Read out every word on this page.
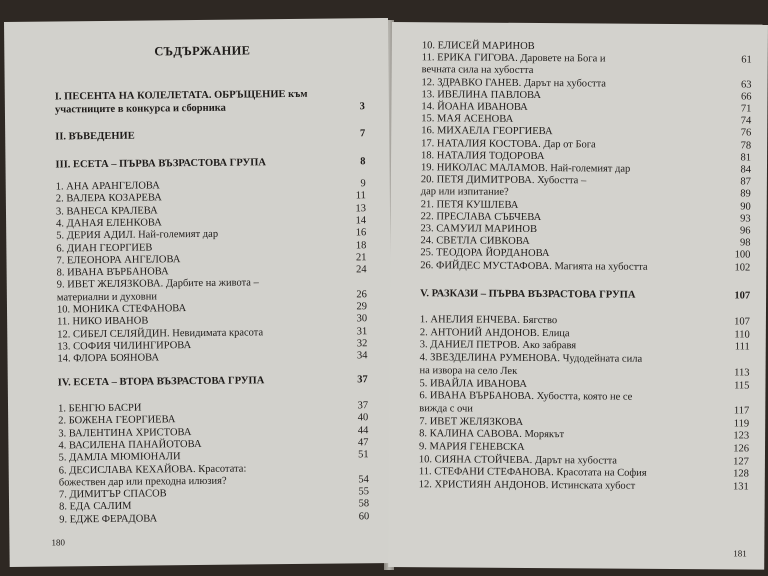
СЪДЪРЖАНИЕ
I. ПЕСЕНТА НА КОЛЕЛЕТАТА. ОБРЪЩЕНИЕ към
участниците в конкурса и сборника	3
II. ВЪВЕДЕНИЕ	7
III. ЕСЕТА – ПЪРВА ВЪЗРАСТОВА ГРУПА	8
1. АНА АРАНГЕЛОВА	9
2. ВАЛЕРА КОЗАРЕВА	11
3. ВАНЕСА КРАЛЕВА	13
4. ДАНАЯ ЕЛЕНКОВА	14
5. ДЕРИЯ АДИЛ. Най-големият дар	16
6. ДИАН ГЕОРГИЕВ	18
7. ЕЛЕОНОРА АНГЕЛОВА	21
8. ИВАНА ВЪРБАНОВА	24
9. ИВЕТ ЖЕЛЯЗКОВА. Дарбите на живота –
материални и духовни	26
10. МОНИКА СТЕФАНОВА	29
11. НИКО ИВАНОВ	30
12. СИБЕЛ СЕЛЯЙДИН. Невидимата красота	31
13. СОФИЯ ЧИЛИНГИРОВА	32
14. ФЛОРА БОЯНОВА	34
IV. ЕСЕТА – ВТОРА ВЪЗРАСТОВА ГРУПА	37
1. БЕНГЮ БАСРИ	37
2. БОЖЕНА ГЕОРГИЕВА	40
3. ВАЛЕНТИНА ХРИСТОВА	44
4. ВАСИЛЕНА ПАНАЙОТОВА	47
5. ДАМЛА МЮМЮНАЛИ	51
6. ДЕСИСЛАВА КЕХАЙОВА. Красотата:
божествен дар или преходна илюзия?	54
7. ДИМИТЪР СПАСОВ	55
8. ЕДА САЛИМ	58
9. ЕДЖЕ ФЕРАДОВА	60
180
10. ЕЛИСЕЙ МАРИНОВ
11. ЕРИКА ГИГОВА. Даровете на Бога и	61
вечната сила на хубостта
12. ЗДРАВКО ГАНЕВ. Дарът на хубостта	63
13. ИВЕЛИНА ПАВЛОВА	66
14. ЙОАНА ИВАНОВА	71
15. МАЯ АСЕНОВА	74
16. МИХАЕЛА ГЕОРГИЕВА	76
17. НАТАЛИЯ КОСТОВА. Дар от Бога	78
18. НАТАЛИЯ ТОДОРОВА	81
19. НИКОЛАС МАЛАМОВ. Най-големият дар	84
20. ПЕТЯ ДИМИТРОВА. Хубостта –	87
дар или изпитание?	89
21. ПЕТЯ КУШЛЕВА	90
22. ПРЕСЛАВА СЪБЧЕВА	93
23. САМУИЛ МАРИНОВ	96
24. СВЕТЛА СИВКОВА	98
25. ТЕОДОРА ЙОРДАНОВА	100
26. ФИЙДЕС МУСТАФОВА. Магията на хубостта	102
V. РАЗКАЗИ – ПЪРВА ВЪЗРАСТОВА ГРУПА	107
1. АНЕЛИЯ ЕНЧЕВА. Бягство	107
2. АНТОНИЙ АНДОНОВ. Елица	110
3. ДАНИЕЛ ПЕТРОВ. Ако забравя	111
4. ЗВЕЗДЕЛИНА РУМЕНОВА. Чудодейната сила
на извора на село Лек	113
5. ИВАЙЛА ИВАНОВА	115
6. ИВАНА ВЪРБАНОВА. Хубостта, която не се
вижда с очи	117
7. ИВЕТ ЖЕЛЯЗКОВА	119
8. КАЛИНА САВОВА. Морякът	123
9. МАРИЯ ГЕНЕВСКА	126
10. СИЯНА СТОЙЧЕВА. Дарът на хубостта	127
11. СТЕФАНИ СТЕФАНОВА. Красотата на София	128
12. ХРИСТИЯН АНДОНОВ. Истинската хубост	131
181
